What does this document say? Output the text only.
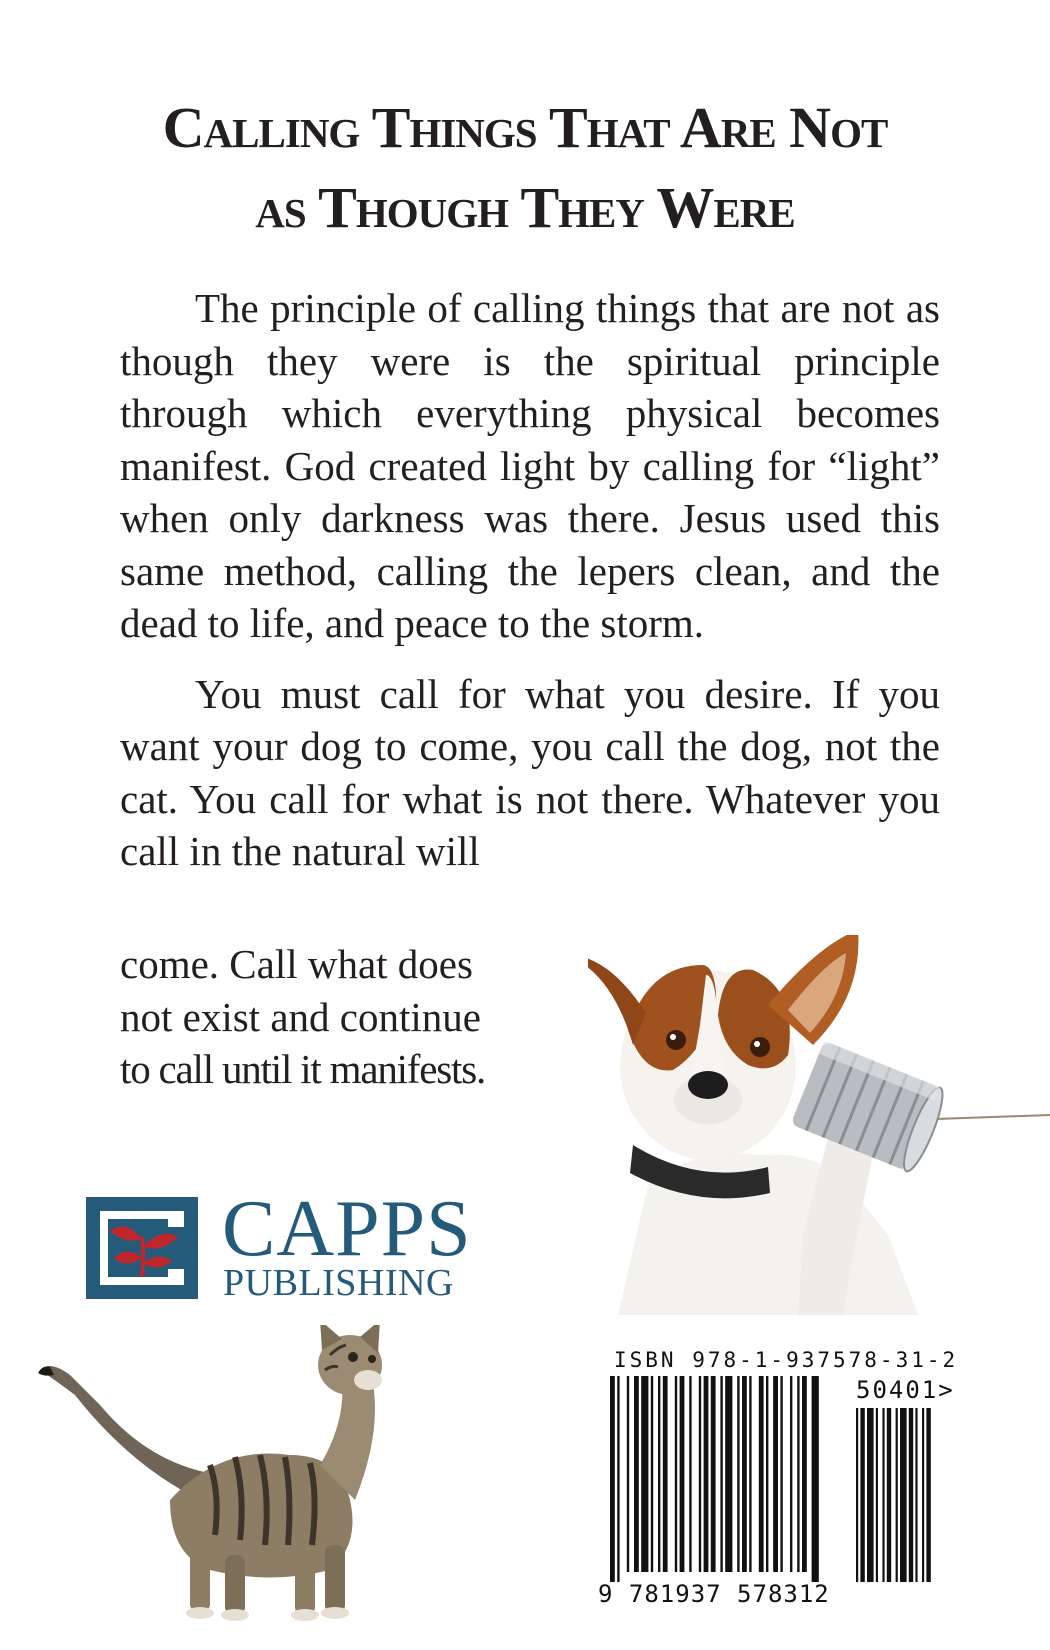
Calling Things That Are Not
as Though They Were

The principle of calling things that are not as though they were is the spiritual principle through which everything physical becomes manifest. God created light by calling for “light” when only darkness was there. Jesus used this same method, calling the lepers clean, and the dead to life, and peace to the storm.

You must call for what you desire. If you want your dog to come, you call the dog, not the cat. You call for what is not there. Whatever you call in the natural will

come. Call what does
not exist and continue
to call until it manifests.
CAPPS
PUBLISHING
ISBN 978-1-937578-31-2
50401>
9 781937 578312
